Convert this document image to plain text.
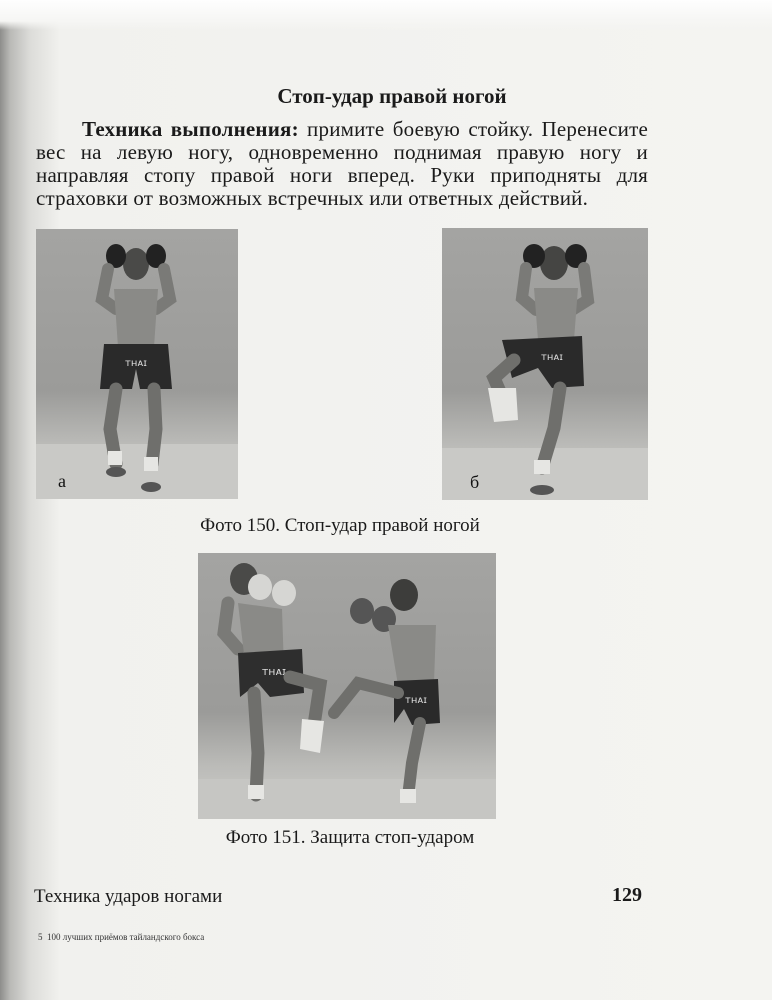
Стоп-удар правой ногой
Техника выполнения: примите боевую стойку. Перенесите вес на левую ногу, одновременно поднимая правую ногу и направляя стопу правой ноги вперед. Руки приподняты для страховки от возможных встречных или ответных действий.
ᴛʜᴀɪ
а
ᴛʜᴀɪ
б
Фото 150. Стоп-удар правой ногой
ᴛʜᴀɪ
ᴛʜᴀɪ
Фото 151. Защита стоп-ударом
Техника ударов ногами	129
5 100 лучших приёмов тайландского бокса
